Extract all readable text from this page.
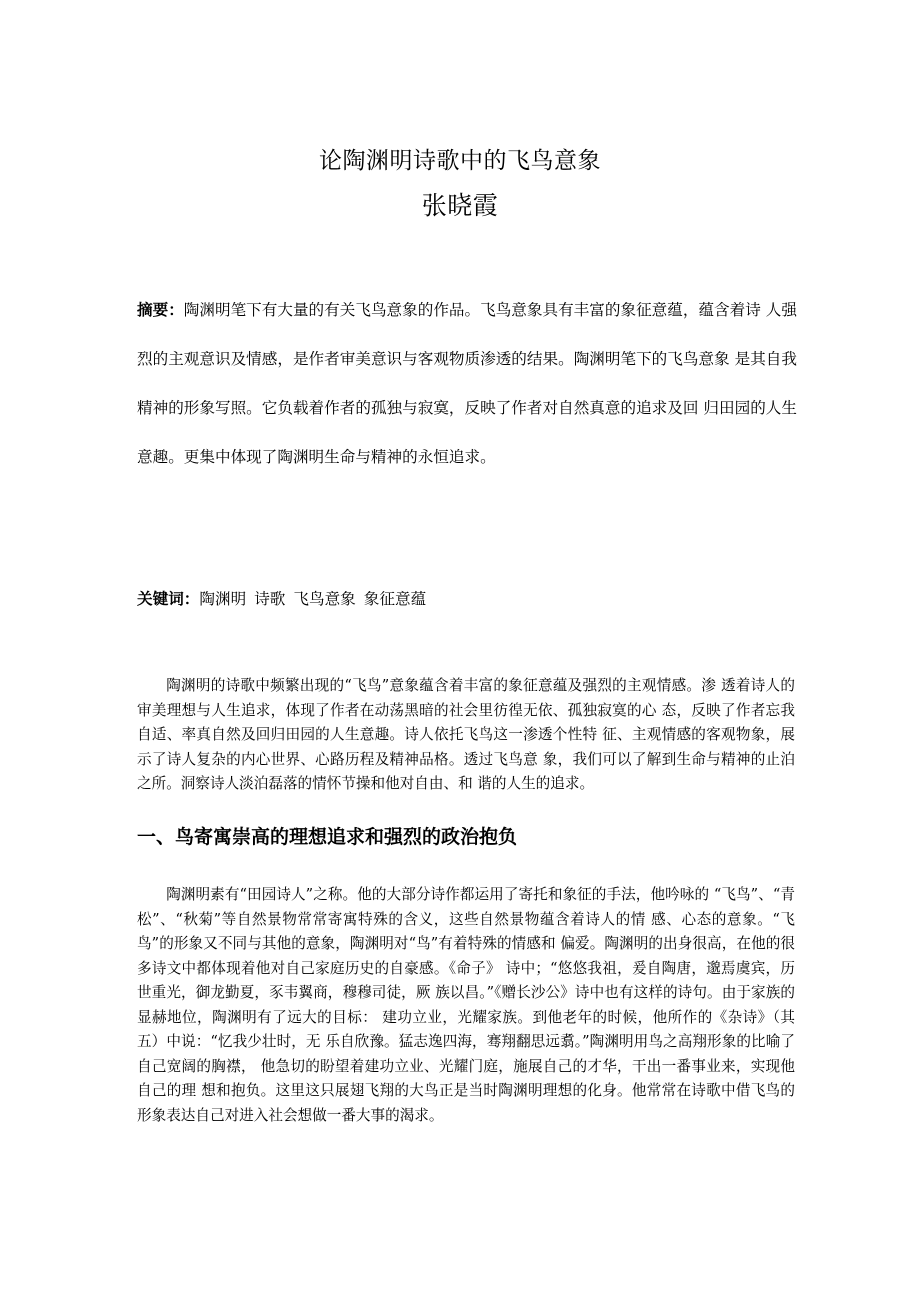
论陶渊明诗歌中的飞鸟意象
张晓霞

摘要：陶渊明笔下有大量的有关飞鸟意象的作品。飞鸟意象具有丰富的象征意蕴，蕴含着诗 人强烈的主观意识及情感，是作者审美意识与客观物质渗透的结果。陶渊明笔下的飞鸟意象 是其自我精神的形象写照。它负载着作者的孤独与寂寞，反映了作者对自然真意的追求及回 归田园的人生意趣。更集中体现了陶渊明生命与精神的永恒追求。

关键词：陶渊明 诗歌 飞鸟意象 象征意蕴

陶渊明的诗歌中频繁出现的“飞鸟”意象蕴含着丰富的象征意蕴及强烈的主观情感。渗 透着诗人的审美理想与人生追求，体现了作者在动荡黑暗的社会里彷徨无依、孤独寂寞的心 态，反映了作者忘我自适、率真自然及回归田园的人生意趣。诗人依托飞鸟这一渗透个性特 征、主观情感的客观物象，展示了诗人复杂的内心世界、心路历程及精神品格。透过飞鸟意 象，我们可以了解到生命与精神的止泊之所。洞察诗人淡泊磊落的情怀节操和他对自由、和 谐的人生的追求。

一、鸟寄寓崇高的理想追求和强烈的政治抱负

陶渊明素有“田园诗人”之称。他的大部分诗作都运用了寄托和象征的手法，他吟咏的 “飞鸟”、“青松”、“秋菊”等自然景物常常寄寓特殊的含义，这些自然景物蕴含着诗人的情 感、心态的意象。“飞鸟”的形象又不同与其他的意象，陶渊明对“鸟”有着特殊的情感和 偏爱。陶渊明的出身很高，在他的很多诗文中都体现着他对自己家庭历史的自豪感。《命子》 诗中；“悠悠我祖，爰自陶唐，邈焉虞宾，历世重光，御龙勤夏，豕韦翼商，穆穆司徒，厥 族以昌。”《赠长沙公》诗中也有这样的诗句。由于家族的显赫地位，陶渊明有了远大的目标： 建功立业，光耀家族。到他老年的时候，他所作的《杂诗》（其五）中说：“忆我少壮时，无 乐自欣豫。猛志逸四海，骞翔翻思远翥。”陶渊明用鸟之高翔形象的比喻了自己宽阔的胸襟， 他急切的盼望着建功立业、光耀门庭，施展自己的才华，干出一番事业来，实现他自己的理 想和抱负。这里这只展翅飞翔的大鸟正是当时陶渊明理想的化身。他常常在诗歌中借飞鸟的 形象表达自己对进入社会想做一番大事的渴求。
